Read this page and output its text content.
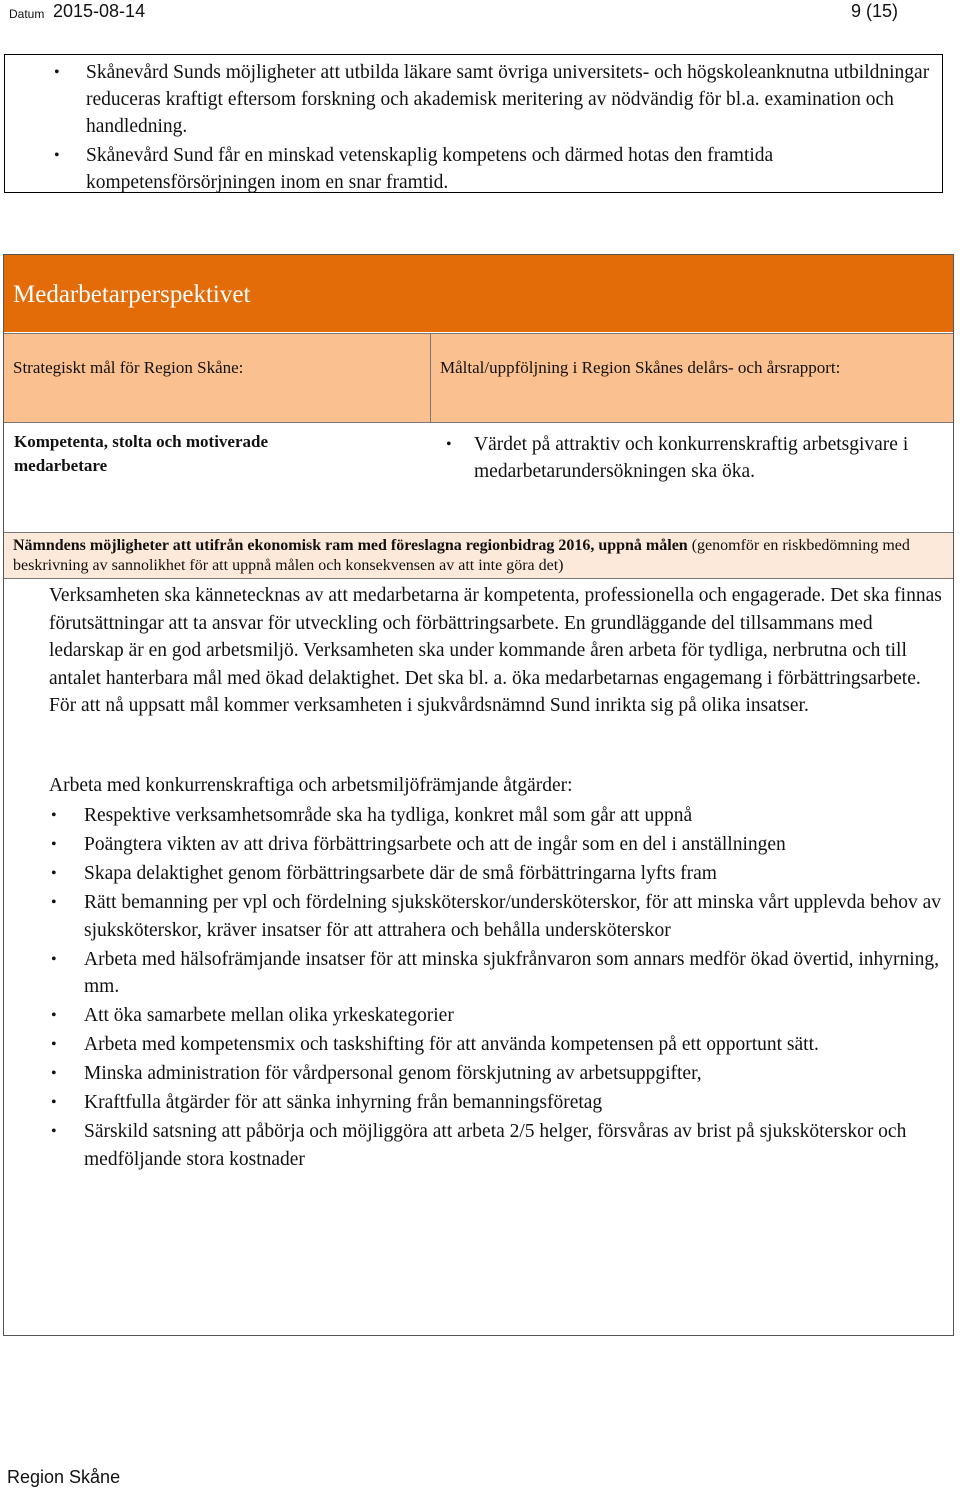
Datum 2015-08-14	9 (15)
• Skånevård Sunds möjligheter att utbilda läkare samt övriga universitets- och högskoleanknutna utbildningar reduceras kraftigt eftersom forskning och akademisk meritering av nödvändig för bl.a. examination och handledning.
• Skånevård Sund får en minskad vetenskaplig kompetens och därmed hotas den framtida kompetensförsörjningen inom en snar framtid.
Medarbetarperspektivet
Strategiskt mål för Region Skåne:	Måltal/uppföljning i Region Skånes delårs- och årsrapport:
Kompetenta, stolta och motiverade medarbetare
• Värdet på attraktiv och konkurrenskraftig arbetsgivare i medarbetarundersökningen ska öka.
Nämndens möjligheter att utifrån ekonomisk ram med föreslagna regionbidrag 2016, uppnå målen (genomför en riskbedömning med beskrivning av sannolikhet för att uppnå målen och konsekvensen av att inte göra det)

Verksamheten ska kännetecknas av att medarbetarna är kompetenta, professionella och engagerade. Det ska finnas förutsättningar att ta ansvar för utveckling och förbättringsarbete. En grundläggande del tillsammans med ledarskap är en god arbetsmiljö. Verksamheten ska under kommande åren arbeta för tydliga, nerbrutna och till antalet hanterbara mål med ökad delaktighet. Det ska bl. a. öka medarbetarnas engagemang i förbättringsarbete. För att nå uppsatt mål kommer verksamheten i sjukvårdsnämnd Sund inrikta sig på olika insatser.

Arbeta med konkurrenskraftiga och arbetsmiljöfrämjande åtgärder:
• Respektive verksamhetsområde ska ha tydliga, konkret mål som går att uppnå
• Poängtera vikten av att driva förbättringsarbete och att de ingår som en del i anställningen
• Skapa delaktighet genom förbättringsarbete där de små förbättringarna lyfts fram
• Rätt bemanning per vpl och fördelning sjuksköterskor/undersköterskor, för att minska vårt upplevda behov av sjuksköterskor, kräver insatser för att attrahera och behålla undersköterskor
• Arbeta med hälsofrämjande insatser för att minska sjukfrånvaron som annars medför ökad övertid, inhyrning, mm.
• Att öka samarbete mellan olika yrkeskategorier
• Arbeta med kompetensmix och taskshifting för att använda kompetensen på ett opportunt sätt.
• Minska administration för vårdpersonal genom förskjutning av arbetsuppgifter,
• Kraftfulla åtgärder för att sänka inhyrning från bemanningsföretag
• Särskild satsning att påbörja och möjliggöra att arbeta 2/5 helger, försvåras av brist på sjuksköterskor och medföljande stora kostnader
Region Skåne
